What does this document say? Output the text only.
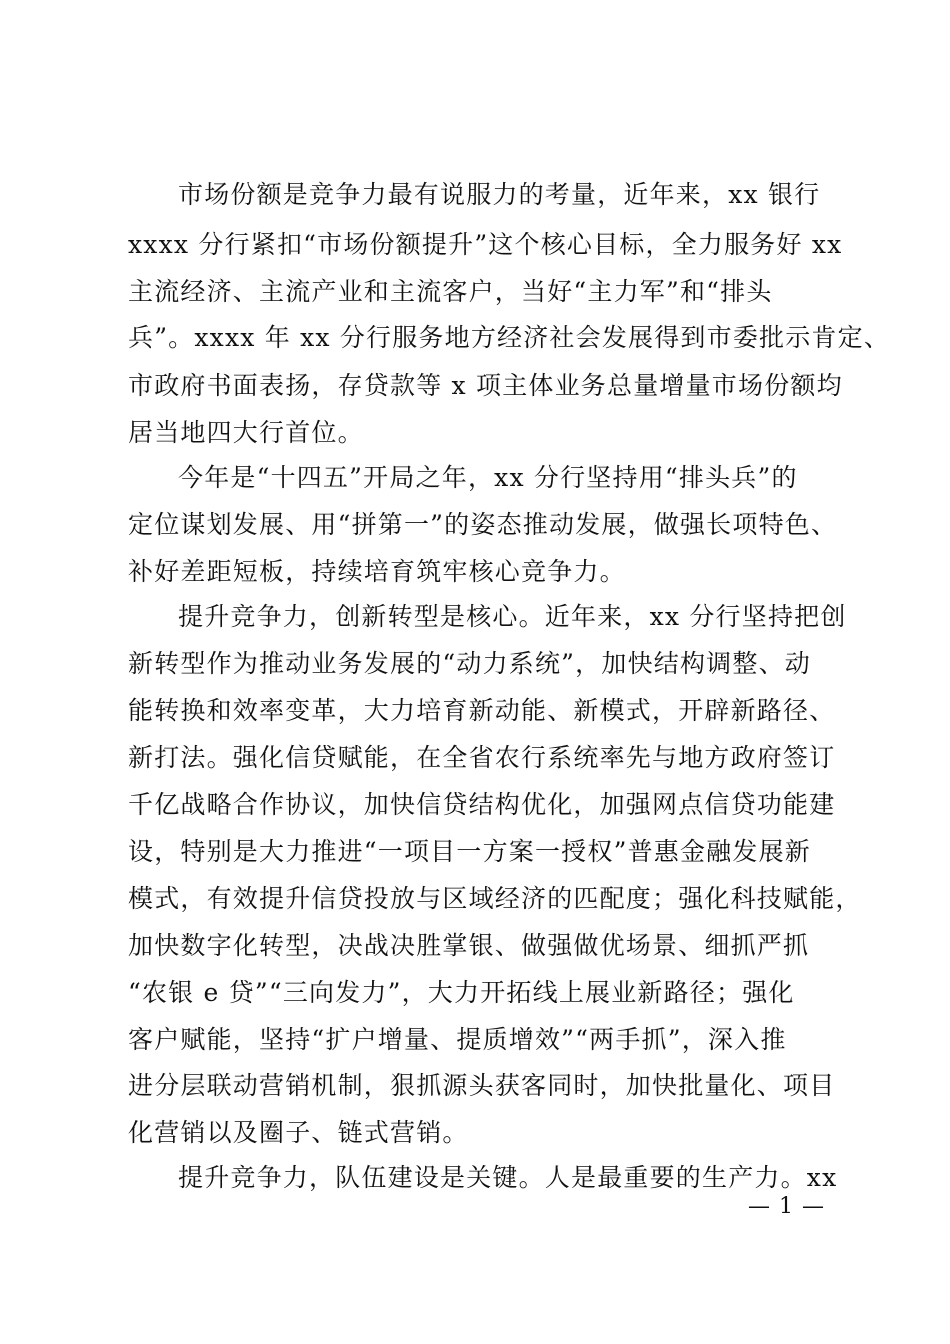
市场份额是竞争力最有说服力的考量，近年来，xx 银行
xxxx 分行紧扣“市场份额提升”这个核心目标，全力服务好 xx
主流经济、主流产业和主流客户，当好“主力军”和“排头
兵”。xxxx 年 xx 分行服务地方经济社会发展得到市委批示肯定、
市政府书面表扬，存贷款等 x 项主体业务总量增量市场份额均
居当地四大行首位。
今年是“十四五”开局之年，xx 分行坚持用“排头兵”的
定位谋划发展、用“拼第一”的姿态推动发展，做强长项特色、
补好差距短板，持续培育筑牢核心竞争力。
提升竞争力，创新转型是核心。近年来，xx 分行坚持把创
新转型作为推动业务发展的“动力系统”，加快结构调整、动
能转换和效率变革，大力培育新动能、新模式，开辟新路径、
新打法。强化信贷赋能，在全省农行系统率先与地方政府签订
千亿战略合作协议，加快信贷结构优化，加强网点信贷功能建
设，特别是大力推进“一项目一方案一授权”普惠金融发展新
模式，有效提升信贷投放与区域经济的匹配度；强化科技赋能，
加快数字化转型，决战决胜掌银、做强做优场景、细抓严抓
“农银 e 贷”“三向发力”，大力开拓线上展业新路径；强化
客户赋能，坚持“扩户增量、提质增效”“两手抓”，深入推
进分层联动营销机制，狠抓源头获客同时，加快批量化、项目
化营销以及圈子、链式营销。
提升竞争力，队伍建设是关键。人是最重要的生产力。xx
— 1 —
